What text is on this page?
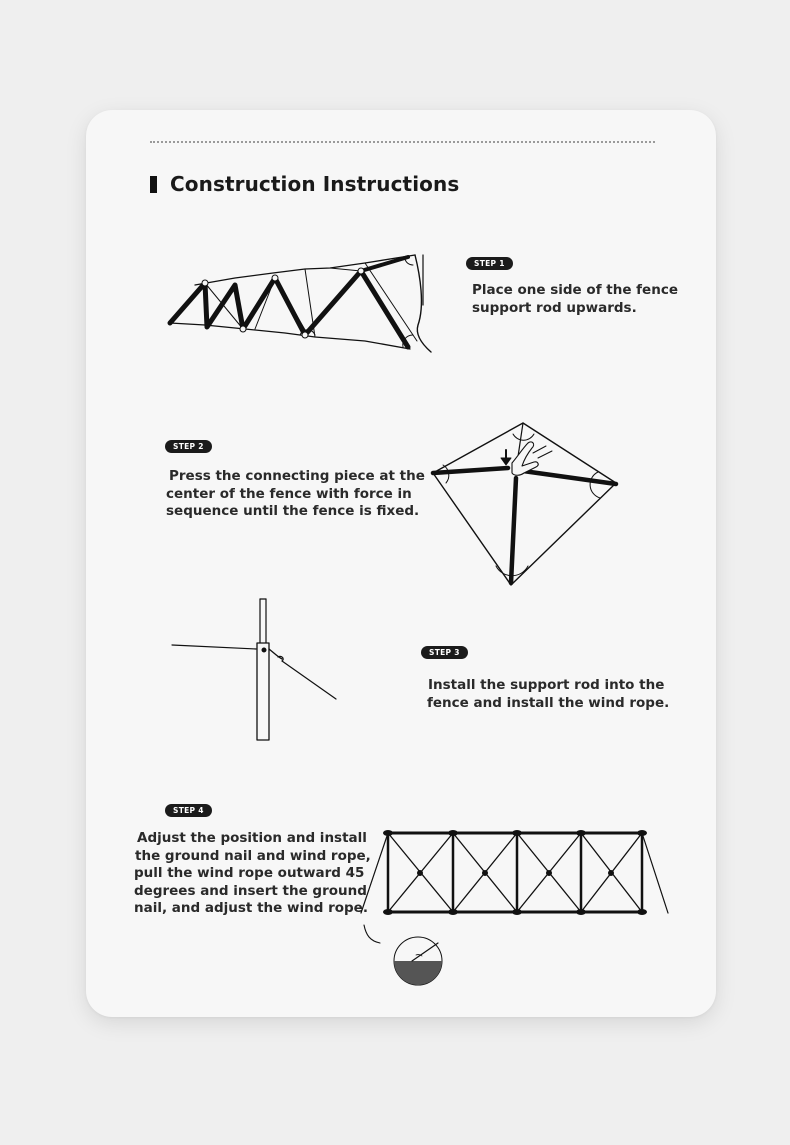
Construction Instructions
STEP 1
Place one side of the fence
support rod upwards.
STEP 2
Press the connecting piece at the
center of the fence with force in
sequence until the fence is fixed.
STEP 3
Install the support rod into the
fence and install the wind rope.
STEP 4
Adjust the position and install
the ground nail and wind rope,
pull the wind rope outward 45
degrees and insert the ground
nail, and adjust the wind rope.
